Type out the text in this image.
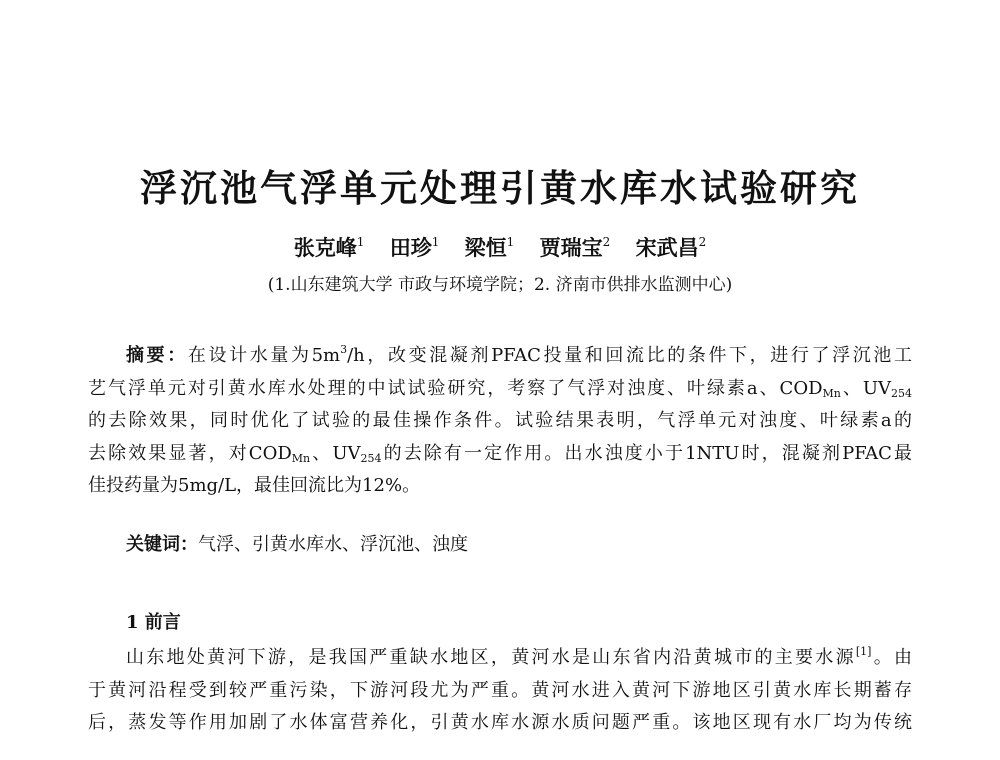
浮沉池气浮单元处理引黄水库水试验研究
张克峰$^1$ 田珍$^1$ 梁恒$^1$ 贾瑞宝$^2$ 宋武昌$^2$
(1.山东建筑大学 市政与环境学院；2. 济南市供排水监测中心)
摘要：在设计水量为$5m^3/h$，改变混凝剂PFAC投量和回流比的条件下，进行了浮沉池工
艺气浮单元对引黄水库水处理的中试试验研究，考察了气浮对浊度、叶绿素a、$COD_{Mn}$、$UV_{254}$
的去除效果，同时优化了试验的最佳操作条件。试验结果表明，气浮单元对浊度、叶绿素a的
去除效果显著，对$COD_{Mn}$、$UV_{254}$的去除有一定作用。出水浊度小于1NTU时，混凝剂PFAC最
佳投药量为5mg/L，最佳回流比为12%。
关键词：气浮、引黄水库水、浮沉池、浊度
1 前言
山东地处黄河下游，是我国严重缺水地区，黄河水是山东省内沿黄城市的主要水源[1]。由
于黄河沿程受到较严重污染，下游河段尤为严重。黄河水进入黄河下游地区引黄水库长期蓄存
后，蒸发等作用加剧了水体富营养化，引黄水库水源水质问题严重。该地区现有水厂均为传统
